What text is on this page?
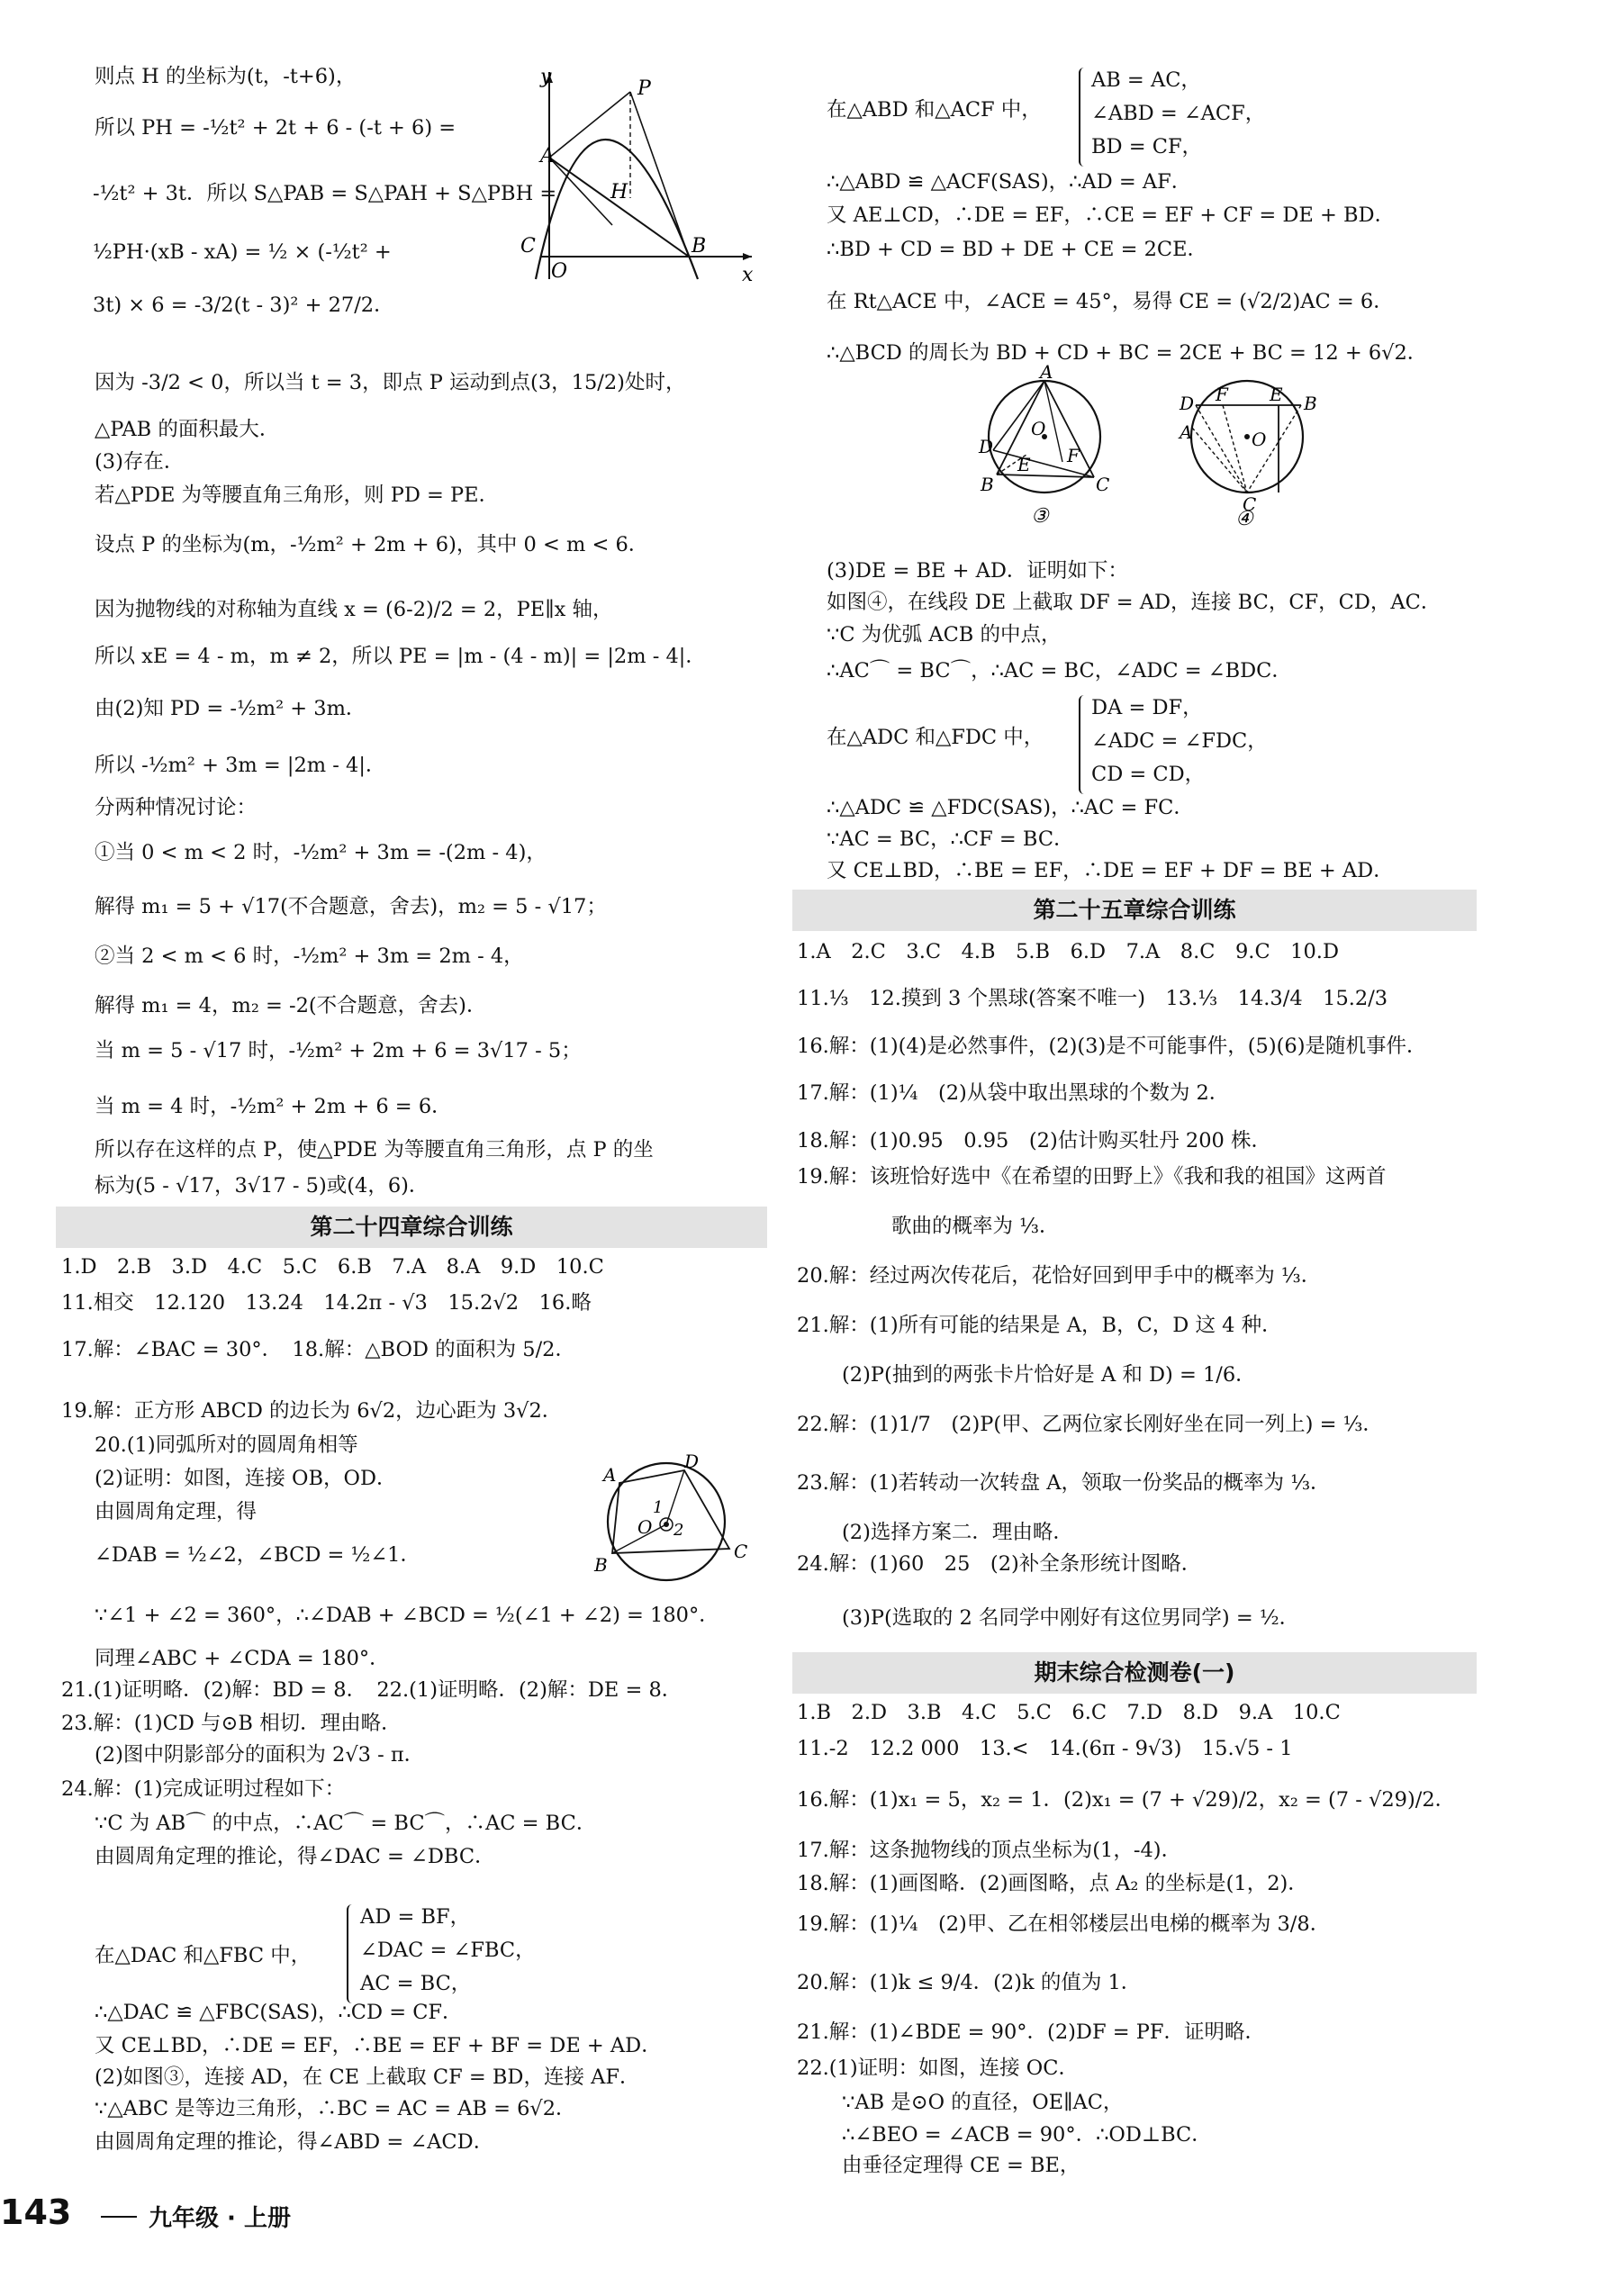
y
A
P
H
B
C
O	x
A
D
O
E F
B	C
③
D F E B
A	O
C
④
A
D
O
1
2
B
C
则点 H 的坐标为(t，-t+6)，
所以 PH = -½t² + 2t + 6 - (-t + 6) =
-½t² + 3t．所以 S△PAB = S△PAH + S△PBH =
½PH·(xB - xA) = ½ × (-½t² +
3t) × 6 = -3/2(t - 3)² + 27/2．
因为 -3/2 < 0，所以当 t = 3，即点 P 运动到点(3，15/2)处时，
△PAB 的面积最大．
(3)存在．
若△PDE 为等腰直角三角形，则 PD = PE．
设点 P 的坐标为(m，-½m² + 2m + 6)，其中 0 < m < 6．
因为抛物线的对称轴为直线 x = (6-2)/2 = 2，PE∥x 轴，
所以 xE = 4 - m，m ≠ 2，所以 PE = |m - (4 - m)| = |2m - 4|．
由(2)知 PD = -½m² + 3m．
所以 -½m² + 3m = |2m - 4|．
分两种情况讨论：
①当 0 < m < 2 时，-½m² + 3m = -(2m - 4)，
解得 m₁ = 5 + √17(不合题意，舍去)，m₂ = 5 - √17；
②当 2 < m < 6 时，-½m² + 3m = 2m - 4，
解得 m₁ = 4，m₂ = -2(不合题意，舍去)．
当 m = 5 - √17 时，-½m² + 2m + 6 = 3√17 - 5；
当 m = 4 时，-½m² + 2m + 6 = 6．
所以存在这样的点 P，使△PDE 为等腰直角三角形，点 P 的坐
标为(5 - √17，3√17 - 5)或(4，6)．
第二十四章综合训练
1.D　2.B　3.D　4.C　5.C　6.B　7.A　8.A　9.D　10.C
11.相交　12.120　13.24　14.2π - √3　15.2√2　16.略
17.解：∠BAC = 30°．　18.解：△BOD 的面积为 5/2．
19.解：正方形 ABCD 的边长为 6√2，边心距为 3√2．
20.(1)同弧所对的圆周角相等
(2)证明：如图，连接 OB，OD．
由圆周角定理，得
∠DAB = ½∠2，∠BCD = ½∠1．
∵∠1 + ∠2 = 360°，∴∠DAB + ∠BCD = ½(∠1 + ∠2) = 180°．
同理∠ABC + ∠CDA = 180°．
21.(1)证明略．(2)解：BD = 8．　22.(1)证明略．(2)解：DE = 8．
23.解：(1)CD 与⊙B 相切．理由略．
(2)图中阴影部分的面积为 2√3 - π．
24.解：(1)完成证明过程如下：
∵C 为 AB⌒ 的中点，∴AC⌒ = BC⌒，∴AC = BC．
由圆周角定理的推论，得∠DAC = ∠DBC．
在△DAC 和△FBC 中，
∴△DAC ≌ △FBC(SAS)，∴CD = CF．
又 CE⊥BD，∴DE = EF，∴BE = EF + BF = DE + AD．
(2)如图③，连接 AD，在 CE 上截取 CF = BD，连接 AF．
∵△ABC 是等边三角形，∴BC = AC = AB = 6√2．
由圆周角定理的推论，得∠ABD = ∠ACD．
AD = BF，
∠DAC = ∠FBC，
AC = BC，
在△ABD 和△ACF 中，
AB = AC，
∠ABD = ∠ACF，
BD = CF，
∴△ABD ≌ △ACF(SAS)，∴AD = AF．
又 AE⊥CD，∴DE = EF，∴CE = EF + CF = DE + BD．
∴BD + CD = BD + DE + CE = 2CE．
在 Rt△ACE 中，∠ACE = 45°，易得 CE = (√2/2)AC = 6．
∴△BCD 的周长为 BD + CD + BC = 2CE + BC = 12 + 6√2．
(3)DE = BE + AD．证明如下：
如图④，在线段 DE 上截取 DF = AD，连接 BC，CF，CD，AC．
∵C 为优弧 ACB 的中点，
∴AC⌒ = BC⌒，∴AC = BC，∠ADC = ∠BDC．
在△ADC 和△FDC 中，
DA = DF，
∠ADC = ∠FDC，
CD = CD，
∴△ADC ≌ △FDC(SAS)，∴AC = FC．
∵AC = BC，∴CF = BC．
又 CE⊥BD，∴BE = EF，∴DE = EF + DF = BE + AD．
第二十五章综合训练
1.A　2.C　3.C　4.B　5.B　6.D　7.A　8.C　9.C　10.D
11.⅓　12.摸到 3 个黑球(答案不唯一)　13.⅓　14.3/4　15.2/3
16.解：(1)(4)是必然事件，(2)(3)是不可能事件，(5)(6)是随机事件．
17.解：(1)¼　(2)从袋中取出黑球的个数为 2．
18.解：(1)0.95　0.95　(2)估计购买牡丹 200 株．
19.解：该班恰好选中《在希望的田野上》《我和我的祖国》这两首
歌曲的概率为 ⅓．
20.解：经过两次传花后，花恰好回到甲手中的概率为 ⅓．
21.解：(1)所有可能的结果是 A，B，C，D 这 4 种．
(2)P(抽到的两张卡片恰好是 A 和 D) = 1/6．
22.解：(1)1/7　(2)P(甲、乙两位家长刚好坐在同一列上) = ⅓．
23.解：(1)若转动一次转盘 A，领取一份奖品的概率为 ⅓．
(2)选择方案二．理由略．
24.解：(1)60　25　(2)补全条形统计图略．
(3)P(选取的 2 名同学中刚好有这位男同学) = ½．
期末综合检测卷(一)
1.B　2.D　3.B　4.C　5.C　6.C　7.D　8.D　9.A　10.C
11.-2　12.2 000　13.<　14.(6π - 9√3)　15.√5 - 1
16.解：(1)x₁ = 5，x₂ = 1．(2)x₁ = (7 + √29)/2，x₂ = (7 - √29)/2．
17.解：这条抛物线的顶点坐标为(1，-4)．
18.解：(1)画图略．(2)画图略，点 A₂ 的坐标是(1，2)．
19.解：(1)¼　(2)甲、乙在相邻楼层出电梯的概率为 3/8．
20.解：(1)k ≤ 9/4．(2)k 的值为 1．
21.解：(1)∠BDE = 90°．(2)DF = PF．证明略．
22.(1)证明：如图，连接 OC．
∵AB 是⊙O 的直径，OE∥AC，
∴∠BEO = ∠ACB = 90°．∴OD⊥BC．
由垂径定理得 CE = BE，
143	九年级 · 上册
